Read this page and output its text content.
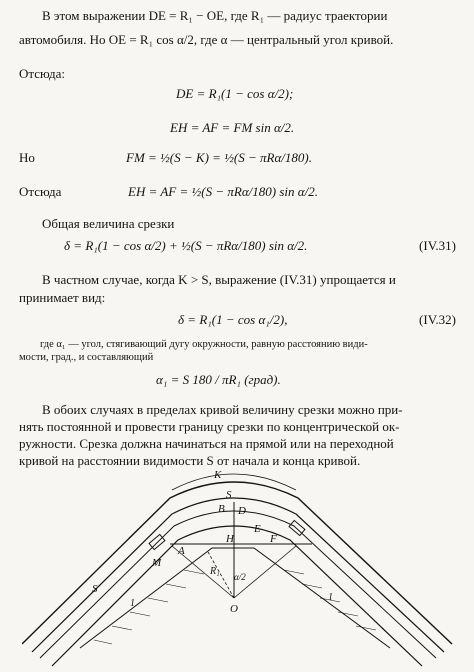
В этом выражении DE = R₁ − OE, где R₁ — радиус траектории
автомобиля. Но OE = R₁ cos α/2, где α — центральный угол кривой.
Отсюда:
DE = R₁(1 − cos α/2);
EH = AF = FM sin α/2.
Но	FM = ½(S − K) = ½(S − πRα/180).
Отсюда	EH = AF = ½(S − πRα/180) sin α/2.
Общая величина срезки
δ = R₁(1 − cos α/2) + ½(S − πRα/180) sin α/2.	(IV.31)
В частном случае, когда K > S, выражение (IV.31) упрощается и
принимает вид:
δ = R₁(1 − cos α₁/2),	(IV.32)
где α₁ — угол, стягивающий дугу окружности, равную расстоянию види-
мости, град., и составляющий
α₁ = S 180 / πR₁ (град).
В обоих случаях в пределах кривой величину срезки можно при-
нять постоянной и провести границу срезки по концентрической ок-
ружности. Срезка должна начинаться на прямой или на переходной
кривой на расстоянии видимости S от начала и конца кривой.
K
S
B D
E
A
H	F
M
O
S
R₁ α/2
1
1
